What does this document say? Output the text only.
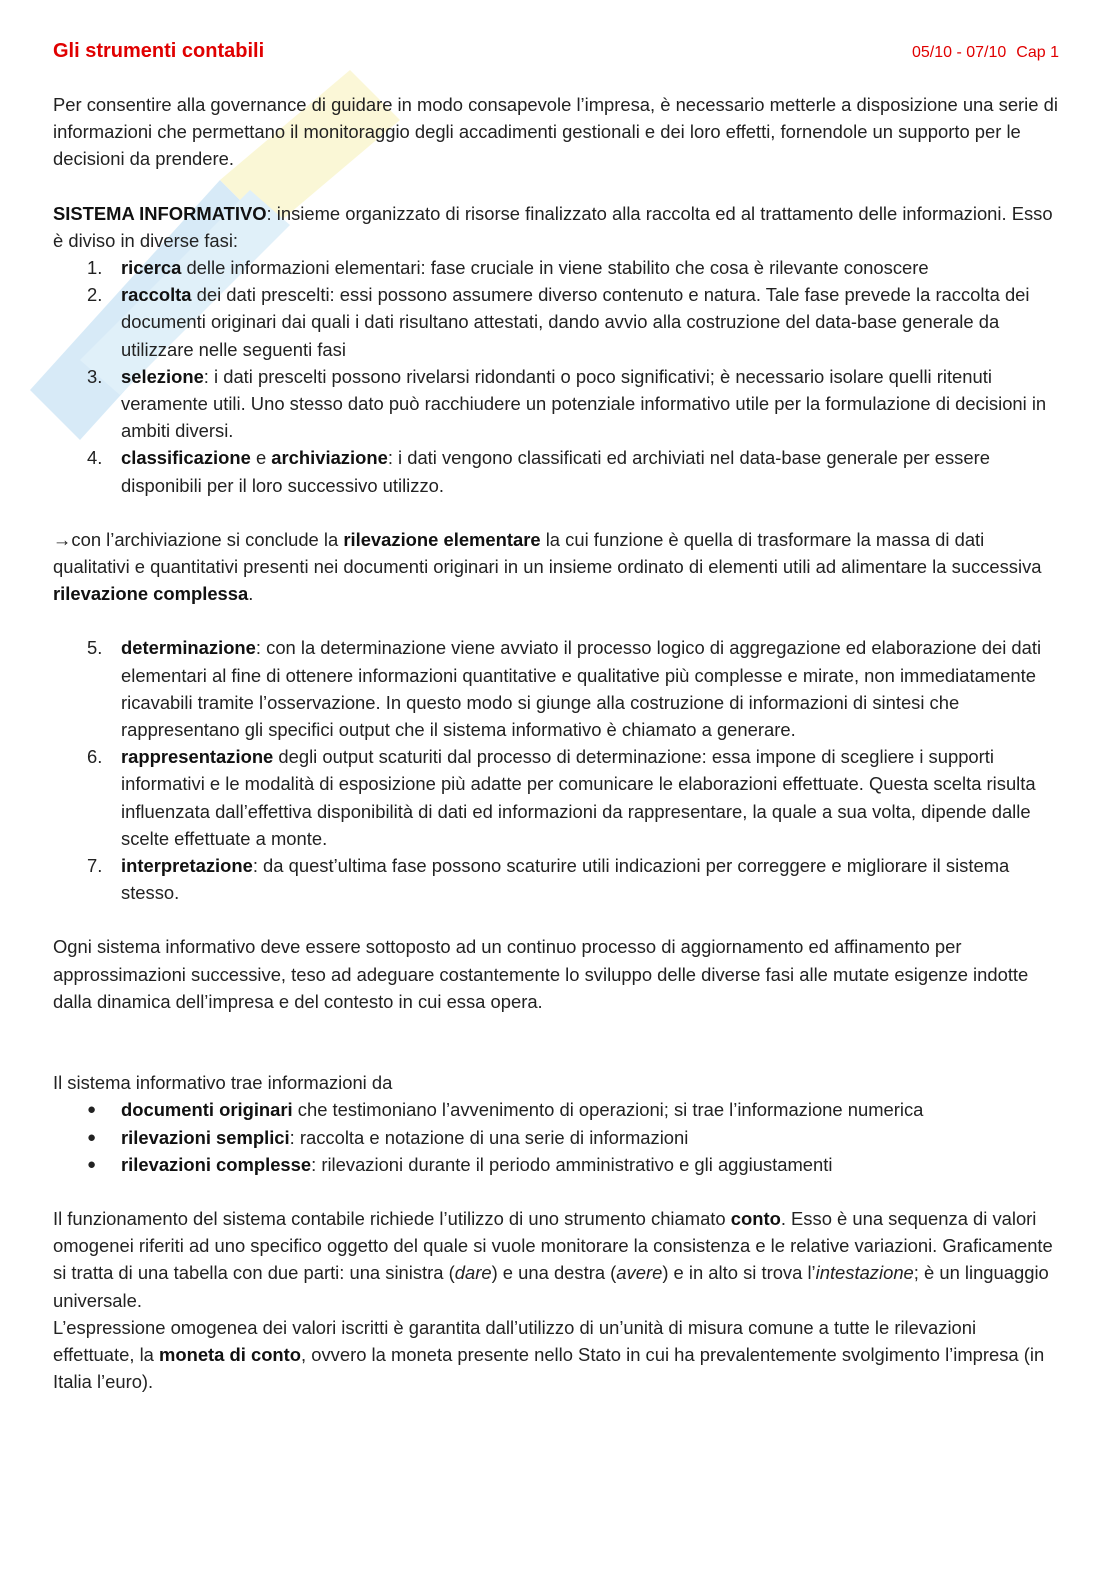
Gli strumenti contabili	05/10 - 07/10 Cap 1

Per consentire alla governance di guidare in modo consapevole l’impresa, è necessario metterle a disposizione una serie di informazioni che permettano il monitoraggio degli accadimenti gestionali e dei loro effetti, fornendole un supporto per le decisioni da prendere.

SISTEMA INFORMATIVO: insieme organizzato di risorse finalizzato alla raccolta ed al trattamento delle informazioni. Esso è diviso in diverse fasi:

1. ricerca delle informazioni elementari: fase cruciale in viene stabilito che cosa è rilevante conoscere
2. raccolta dei dati prescelti: essi possono assumere diverso contenuto e natura. Tale fase prevede la raccolta dei documenti originari dai quali i dati risultano attestati, dando avvio alla costruzione del data-base generale da utilizzare nelle seguenti fasi
3. selezione: i dati prescelti possono rivelarsi ridondanti o poco significativi; è necessario isolare quelli ritenuti veramente utili. Uno stesso dato può racchiudere un potenziale informativo utile per la formulazione di decisioni in ambiti diversi.
4. classificazione e archiviazione: i dati vengono classificati ed archiviati nel data-base generale per essere disponibili per il loro successivo utilizzo.

→con l’archiviazione si conclude la rilevazione elementare la cui funzione è quella di trasformare la massa di dati qualitativi e quantitativi presenti nei documenti originari in un insieme ordinato di elementi utili ad alimentare la successiva rilevazione complessa.

5. determinazione: con la determinazione viene avviato il processo logico di aggregazione ed elaborazione dei dati elementari al fine di ottenere informazioni quantitative e qualitative più complesse e mirate, non immediatamente ricavabili tramite l’osservazione. In questo modo si giunge alla costruzione di informazioni di sintesi che rappresentano gli specifici output che il sistema informativo è chiamato a generare.
6. rappresentazione degli output scaturiti dal processo di determinazione: essa impone di scegliere i supporti informativi e le modalità di esposizione più adatte per comunicare le elaborazioni effettuate. Questa scelta risulta influenzata dall’effettiva disponibilità di dati ed informazioni da rappresentare, la quale a sua volta, dipende dalle scelte effettuate a monte.
7. interpretazione: da quest’ultima fase possono scaturire utili indicazioni per correggere e migliorare il sistema stesso.

Ogni sistema informativo deve essere sottoposto ad un continuo processo di aggiornamento ed affinamento per approssimazioni successive, teso ad adeguare costantemente lo sviluppo delle diverse fasi alle mutate esigenze indotte dalla dinamica dell’impresa e del contesto in cui essa opera.

Il sistema informativo trae informazioni da

● documenti originari che testimoniano l’avvenimento di operazioni; si trae l’informazione numerica
● rilevazioni semplici: raccolta e notazione di una serie di informazioni
● rilevazioni complesse: rilevazioni durante il periodo amministrativo e gli aggiustamenti

Il funzionamento del sistema contabile richiede l’utilizzo di uno strumento chiamato conto. Esso è una sequenza di valori omogenei riferiti ad uno specifico oggetto del quale si vuole monitorare la consistenza e le relative variazioni. Graficamente si tratta di una tabella con due parti: una sinistra (dare) e una destra (avere) e in alto si trova l’intestazione; è un linguaggio universale.

L’espressione omogenea dei valori iscritti è garantita dall’utilizzo di un’unità di misura comune a tutte le rilevazioni effettuate, la moneta di conto, ovvero la moneta presente nello Stato in cui ha prevalentemente svolgimento l’impresa (in Italia l’euro).
